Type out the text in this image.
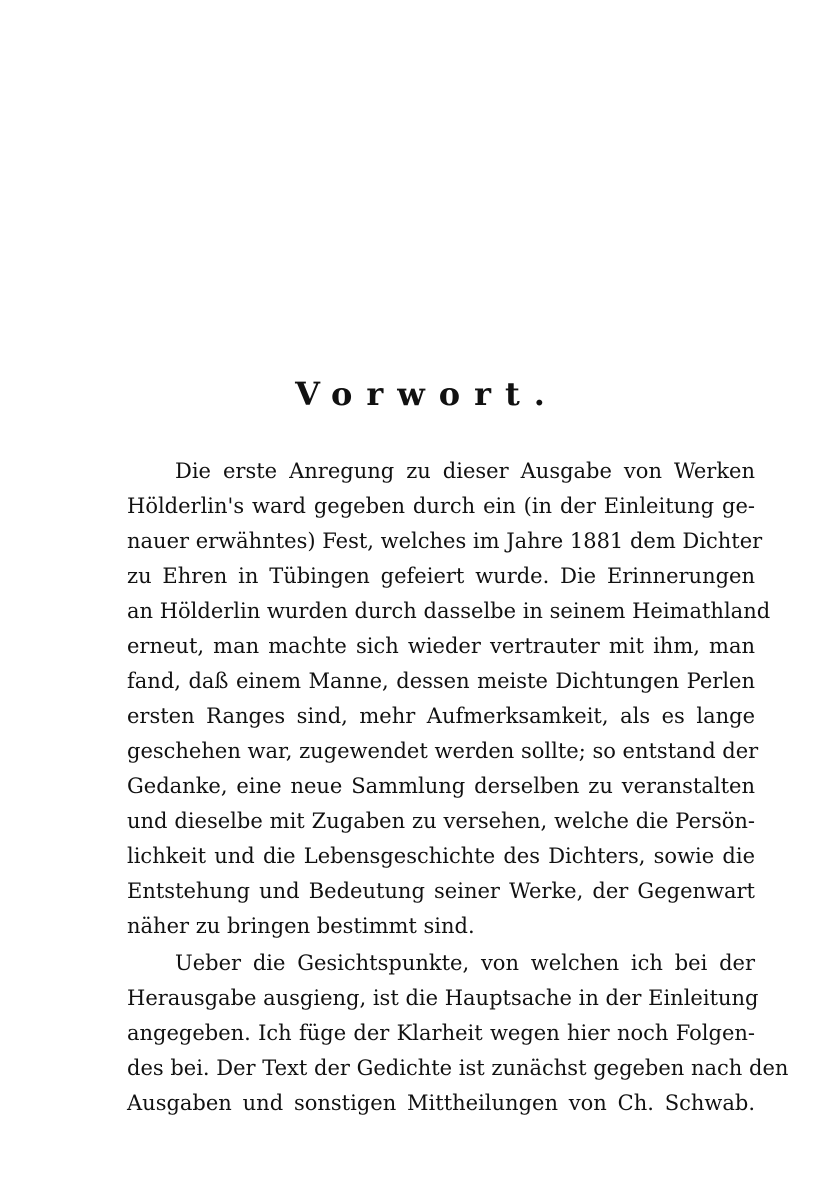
Vorwort.
Die erste Anregung zu dieser Ausgabe von Werken
Hölderlin's ward gegeben durch ein (in der Einleitung ge-
nauer erwähntes) Fest, welches im Jahre 1881 dem Dichter
zu Ehren in Tübingen gefeiert wurde. Die Erinnerungen
an Hölderlin wurden durch dasselbe in seinem Heimathland
erneut, man machte sich wieder vertrauter mit ihm, man
fand, daß einem Manne, dessen meiste Dichtungen Perlen
ersten Ranges sind, mehr Aufmerksamkeit, als es lange
geschehen war, zugewendet werden sollte; so entstand der
Gedanke, eine neue Sammlung derselben zu veranstalten
und dieselbe mit Zugaben zu versehen, welche die Persön-
lichkeit und die Lebensgeschichte des Dichters, sowie die
Entstehung und Bedeutung seiner Werke, der Gegenwart
näher zu bringen bestimmt sind.
Ueber die Gesichtspunkte, von welchen ich bei der
Herausgabe ausgieng, ist die Hauptsache in der Einleitung
angegeben. Ich füge der Klarheit wegen hier noch Folgen-
des bei. Der Text der Gedichte ist zunächst gegeben nach den
Ausgaben und sonstigen Mittheilungen von Ch. Schwab.
